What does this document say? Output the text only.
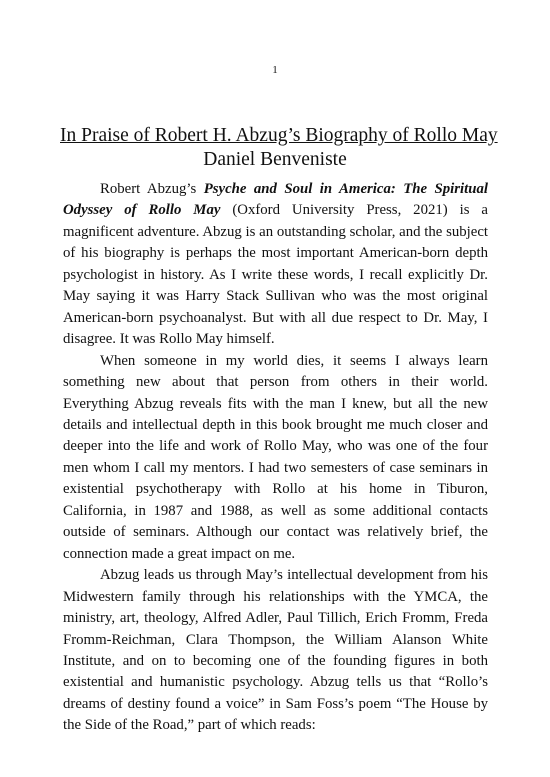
1
In Praise of Robert H. Abzug’s Biography of Rollo May
Daniel Benveniste

Robert Abzug’s Psyche and Soul in America: The Spiritual Odyssey of Rollo May (Oxford University Press, 2021) is a magnificent adventure. Abzug is an outstanding scholar, and the subject of his biography is perhaps the most important American-born depth psychologist in history. As I write these words, I recall explicitly Dr. May saying it was Harry Stack Sullivan who was the most original American-born psychoanalyst. But with all due respect to Dr. May, I disagree. It was Rollo May himself.

When someone in my world dies, it seems I always learn something new about that person from others in their world. Everything Abzug reveals fits with the man I knew, but all the new details and intellectual depth in this book brought me much closer and deeper into the life and work of Rollo May, who was one of the four men whom I call my mentors. I had two semesters of case seminars in existential psychotherapy with Rollo at his home in Tiburon, California, in 1987 and 1988, as well as some additional contacts outside of seminars. Although our contact was relatively brief, the connection made a great impact on me.

Abzug leads us through May’s intellectual development from his Midwestern family through his relationships with the YMCA, the ministry, art, theology, Alfred Adler, Paul Tillich, Erich Fromm, Freda Fromm-Reichman, Clara Thompson, the William Alanson White Institute, and on to becoming one of the founding figures in both existential and humanistic psychology. Abzug tells us that “Rollo’s dreams of destiny found a voice” in Sam Foss’s poem “The House by the Side of the Road,” part of which reads:
